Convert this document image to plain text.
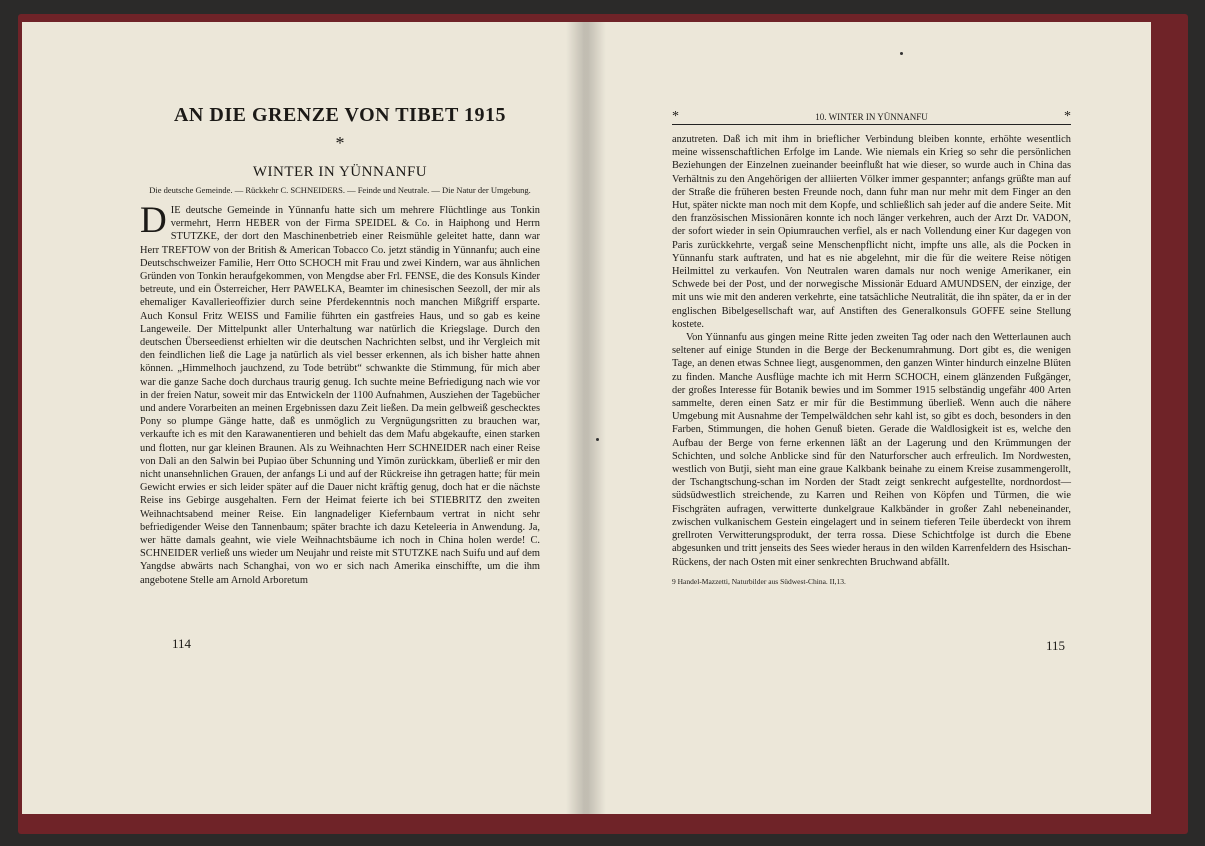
AN DIE GRENZE VON TIBET 1915
*
WINTER IN YÜNNANFU

Die deutsche Gemeinde. — Rückkehr C. SCHNEIDERS. — Feinde und Neutrale. — Die Natur der Umgebung.

DIE deutsche Gemeinde in Yünnanfu hatte sich um mehrere Flüchtlinge aus Tonkin vermehrt, Herrn HEBER von der Firma SPEIDEL & Co. in Haiphong und Herrn STUTZKE, der dort den Maschinenbetrieb einer Reismühle geleitet hatte, dann war Herr TREFTOW von der British & American Tobacco Co. jetzt ständig in Yünnanfu; auch eine Deutschschweizer Familie, Herr Otto SCHOCH mit Frau und zwei Kindern, war aus ähnlichen Gründen von Tonkin heraufgekommen, von Mengdse aber Frl. FENSE, die des Konsuls Kinder betreute, und ein Österreicher, Herr PAWELKA, Beamter im chinesischen Seezoll, der mir als ehemaliger Kavallerieoffizier durch seine Pferdekenntnis noch manchen Mißgriff ersparte. Auch Konsul Fritz WEISS und Familie führten ein gastfreies Haus, und so gab es keine Langeweile. Der Mittelpunkt aller Unterhaltung war natürlich die Kriegslage. Durch den deutschen Überseedienst erhielten wir die deutschen Nachrichten selbst, und ihr Vergleich mit den feindlichen ließ die Lage ja natürlich als viel besser erkennen, als ich bisher hatte ahnen können. „Himmelhoch jauchzend, zu Tode betrübt“ schwankte die Stimmung, für mich aber war die ganze Sache doch durchaus traurig genug. Ich suchte meine Befriedigung nach wie vor in der freien Natur, soweit mir das Entwickeln der 1100 Aufnahmen, Ausziehen der Tagebücher und andere Vorarbeiten an meinen Ergebnissen dazu Zeit ließen. Da mein gelbweiß geschecktes Pony so plumpe Gänge hatte, daß es unmöglich zu Vergnügungsritten zu brauchen war, verkaufte ich es mit den Karawanentieren und behielt das dem Mafu abgekaufte, einen starken und flotten, nur gar kleinen Braunen. Als zu Weihnachten Herr SCHNEIDER nach einer Reise von Dali an den Salwin bei Pupiao über Schunning und Yimön zurückkam, überließ er mir den nicht unansehnlichen Grauen, der anfangs Li und auf der Rückreise ihn getragen hatte; für mein Gewicht erwies er sich leider später auf die Dauer nicht kräftig genug, doch hat er die nächste Reise ins Gebirge ausgehalten. Fern der Heimat feierte ich bei STIEBRITZ den zweiten Weihnachtsabend meiner Reise. Ein langnadeliger Kiefernbaum vertrat in nicht sehr befriedigender Weise den Tannenbaum; später brachte ich dazu Keteleeria in Anwendung. Ja, wer hätte damals geahnt, wie viele Weihnachtsbäume ich noch in China holen werde! C. SCHNEIDER verließ uns wieder um Neujahr und reiste mit STUTZKE nach Suifu und auf dem Yangdse abwärts nach Schanghai, von wo er sich nach Amerika einschiffte, um die ihm angebotene Stelle am Arnold Arboretum

114
*	10. WINTER IN YÜNNANFU	*

anzutreten. Daß ich mit ihm in brieflicher Verbindung bleiben konnte, erhöhte wesentlich meine wissenschaftlichen Erfolge im Lande. Wie niemals ein Krieg so sehr die persönlichen Beziehungen der Einzelnen zueinander beeinflußt hat wie dieser, so wurde auch in China das Verhältnis zu den Angehörigen der alliierten Völker immer gespannter; anfangs grüßte man auf der Straße die früheren besten Freunde noch, dann fuhr man nur mehr mit dem Finger an den Hut, später nickte man noch mit dem Kopfe, und schließlich sah jeder auf die andere Seite. Mit den französischen Missionären konnte ich noch länger verkehren, auch der Arzt Dr. VADON, der sofort wieder in sein Opiumrauchen verfiel, als er nach Vollendung einer Kur dagegen von Paris zurückkehrte, vergaß seine Menschenpflicht nicht, impfte uns alle, als die Pocken in Yünnanfu stark auftraten, und hat es nie abgelehnt, mir die für die weitere Reise nötigen Heilmittel zu verkaufen. Von Neutralen waren damals nur noch wenige Amerikaner, ein Schwede bei der Post, und der norwegische Missionär Eduard AMUNDSEN, der einzige, der mit uns wie mit den anderen verkehrte, eine tatsächliche Neutralität, die ihn später, da er in der englischen Bibelgesellschaft war, auf Anstiften des Generalkonsuls GOFFE seine Stellung kostete.

Von Yünnanfu aus gingen meine Ritte jeden zweiten Tag oder nach den Wetterlaunen auch seltener auf einige Stunden in die Berge der Beckenumrahmung. Dort gibt es, die wenigen Tage, an denen etwas Schnee liegt, ausgenommen, den ganzen Winter hindurch einzelne Blüten zu finden. Manche Ausflüge machte ich mit Herrn SCHOCH, einem glänzenden Fußgänger, der großes Interesse für Botanik bewies und im Sommer 1915 selbständig ungefähr 400 Arten sammelte, deren einen Satz er mir für die Bestimmung überließ. Wenn auch die nähere Umgebung mit Ausnahme der Tempelwäldchen sehr kahl ist, so gibt es doch, besonders in den Farben, Stimmungen, die hohen Genuß bieten. Gerade die Waldlosigkeit ist es, welche den Aufbau der Berge von ferne erkennen läßt an der Lagerung und den Krümmungen der Schichten, und solche Anblicke sind für den Naturforscher auch erfreulich. Im Nordwesten, westlich von Butji, sieht man eine graue Kalkbank beinahe zu einem Kreise zusammengerollt, der Tschangtschung-schan im Norden der Stadt zeigt senkrecht aufgestellte, nordnordost—südsüdwestlich streichende, zu Karren und Reihen von Köpfen und Türmen, die wie Fischgräten aufragen, verwitterte dunkelgraue Kalkbänder in großer Zahl nebeneinander, zwischen vulkanischem Gestein eingelagert und in seinem tieferen Teile überdeckt von ihrem grellroten Verwitterungsprodukt, der terra rossa. Diese Schichtfolge ist durch die Ebene abgesunken und tritt jenseits des Sees wieder heraus in den wilden Karrenfeldern des Hsischan-Rückens, der nach Osten mit einer senkrechten Bruchwand abfällt.

9 Handel-Mazzetti, Naturbilder aus Südwest-China. II,13.
115
